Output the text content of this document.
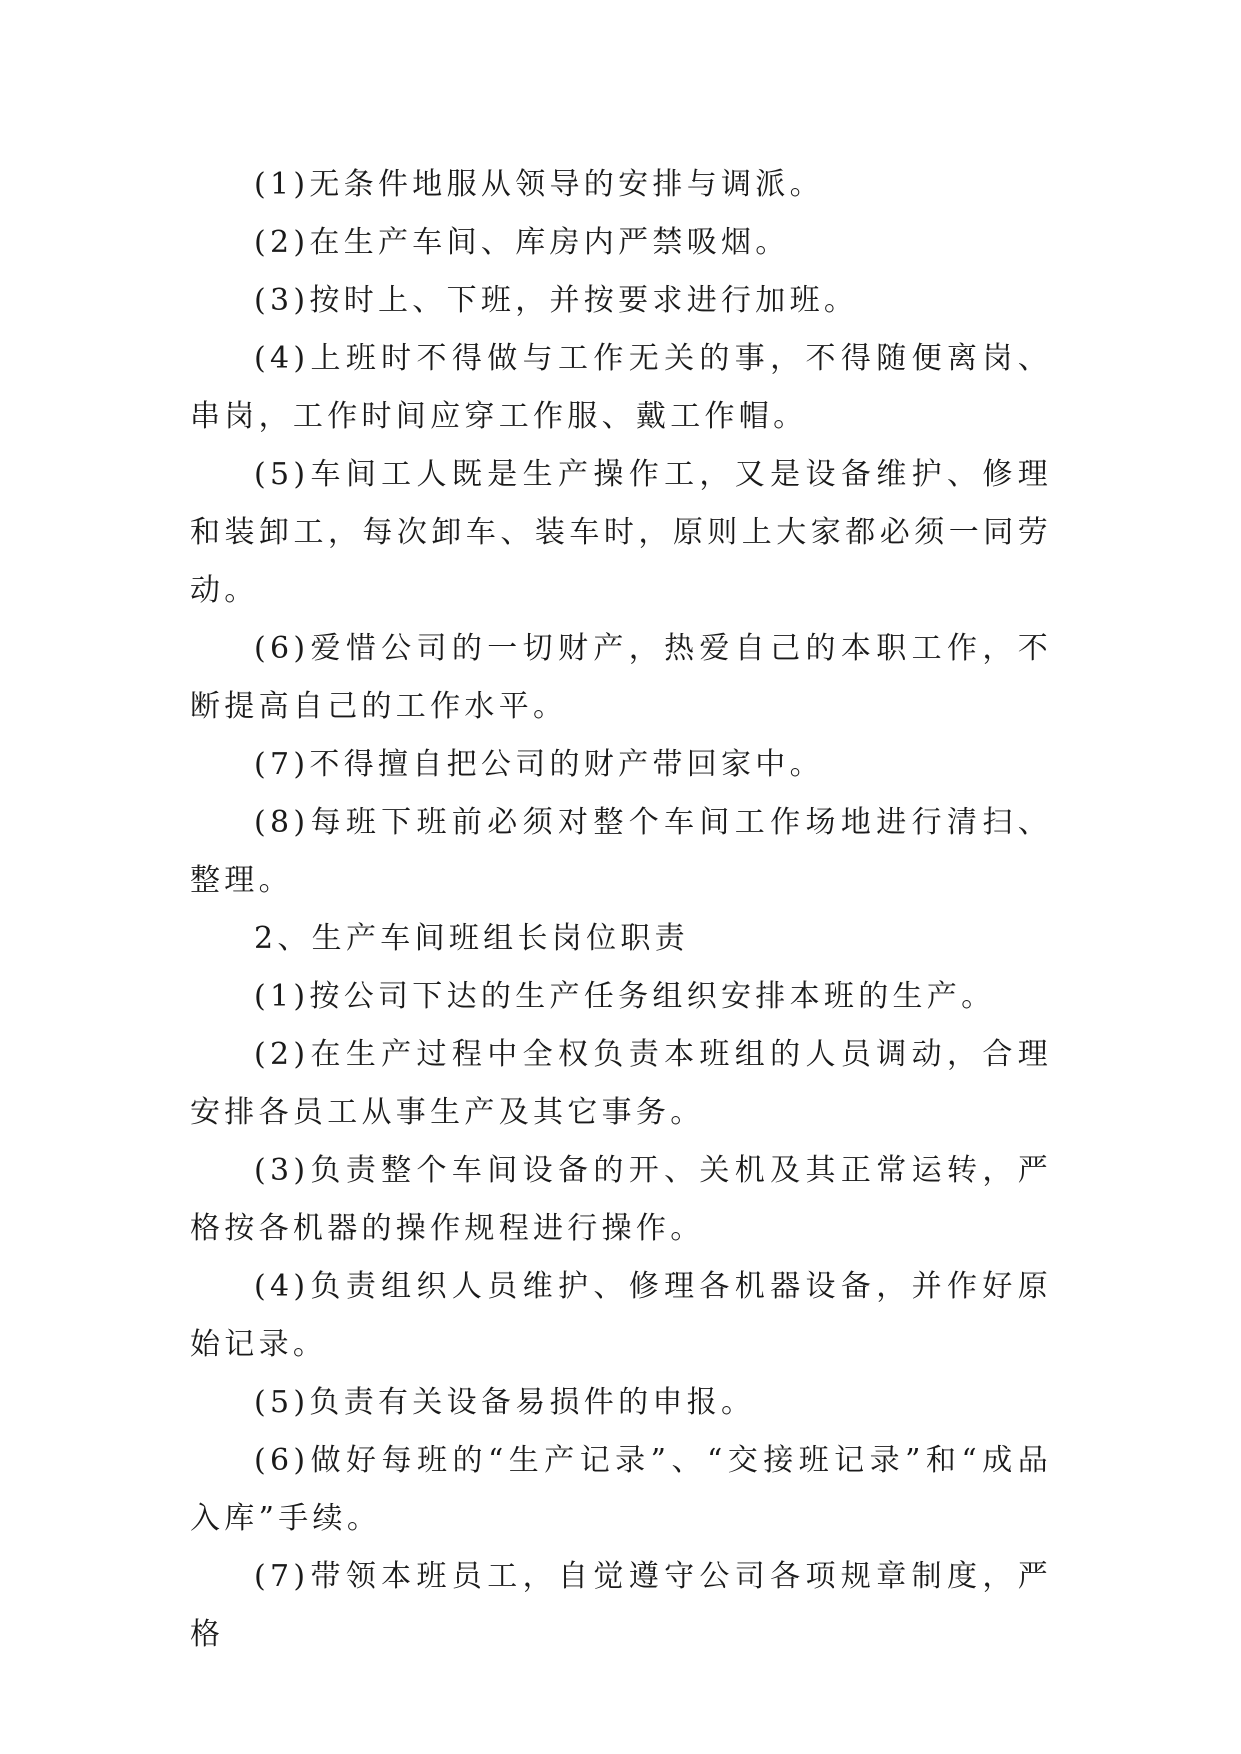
(1)无条件地服从领导的安排与调派。

(2)在生产车间、库房内严禁吸烟。

(3)按时上、下班，并按要求进行加班。

(4)上班时不得做与工作无关的事，不得随便离岗、串岗，工作时间应穿工作服、戴工作帽。

(5)车间工人既是生产操作工，又是设备维护、修理和装卸工，每次卸车、装车时，原则上大家都必须一同劳动。

(6)爱惜公司的一切财产，热爱自己的本职工作，不断提高自己的工作水平。

(7)不得擅自把公司的财产带回家中。

(8)每班下班前必须对整个车间工作场地进行清扫、整理。

2、生产车间班组长岗位职责

(1)按公司下达的生产任务组织安排本班的生产。

(2)在生产过程中全权负责本班组的人员调动，合理安排各员工从事生产及其它事务。

(3)负责整个车间设备的开、关机及其正常运转，严格按各机器的操作规程进行操作。

(4)负责组织人员维护、修理各机器设备，并作好原始记录。

(5)负责有关设备易损件的申报。

(6)做好每班的“生产记录”、“交接班记录”和“成品入库”手续。

(7)带领本班员工，自觉遵守公司各项规章制度，严格
